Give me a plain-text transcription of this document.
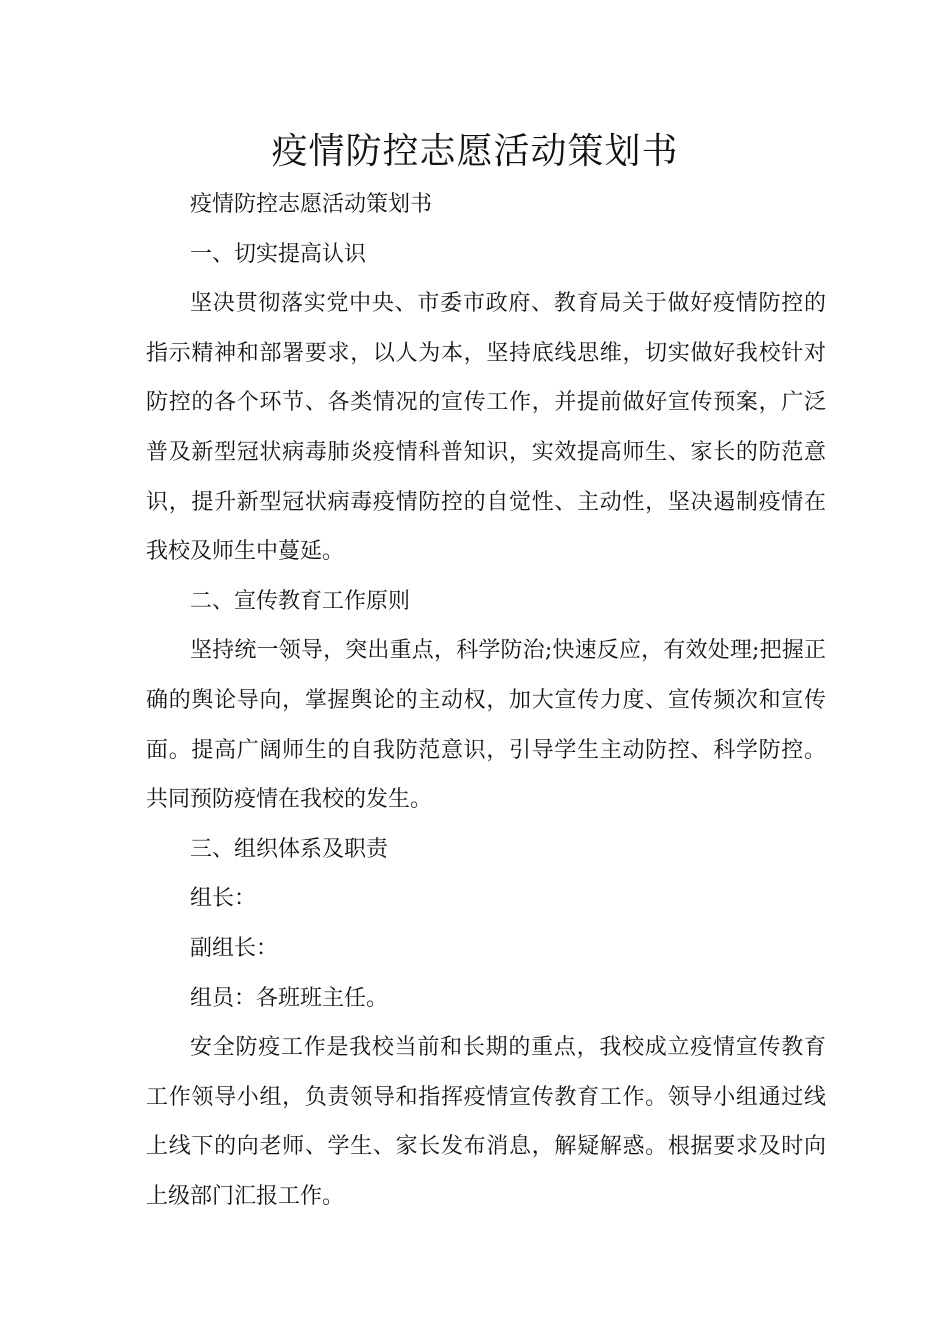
疫情防控志愿活动策划书

疫情防控志愿活动策划书

一、切实提高认识

坚决贯彻落实党中央、市委市政府、教育局关于做好疫情防控的指示精神和部署要求，以人为本，坚持底线思维，切实做好我校针对防控的各个环节、各类情况的宣传工作，并提前做好宣传预案，广泛普及新型冠状病毒肺炎疫情科普知识，实效提高师生、家长的防范意识，提升新型冠状病毒疫情防控的自觉性、主动性，坚决遏制疫情在我校及师生中蔓延。

二、宣传教育工作原则

坚持统一领导，突出重点，科学防治;快速反应，有效处理;把握正确的舆论导向，掌握舆论的主动权，加大宣传力度、宣传频次和宣传面。提高广阔师生的自我防范意识，引导学生主动防控、科学防控。共同预防疫情在我校的发生。

三、组织体系及职责

组长：

副组长：

组员：各班班主任。

安全防疫工作是我校当前和长期的重点，我校成立疫情宣传教育工作领导小组，负责领导和指挥疫情宣传教育工作。领导小组通过线上线下的向老师、学生、家长发布消息，解疑解惑。根据要求及时向上级部门汇报工作。
